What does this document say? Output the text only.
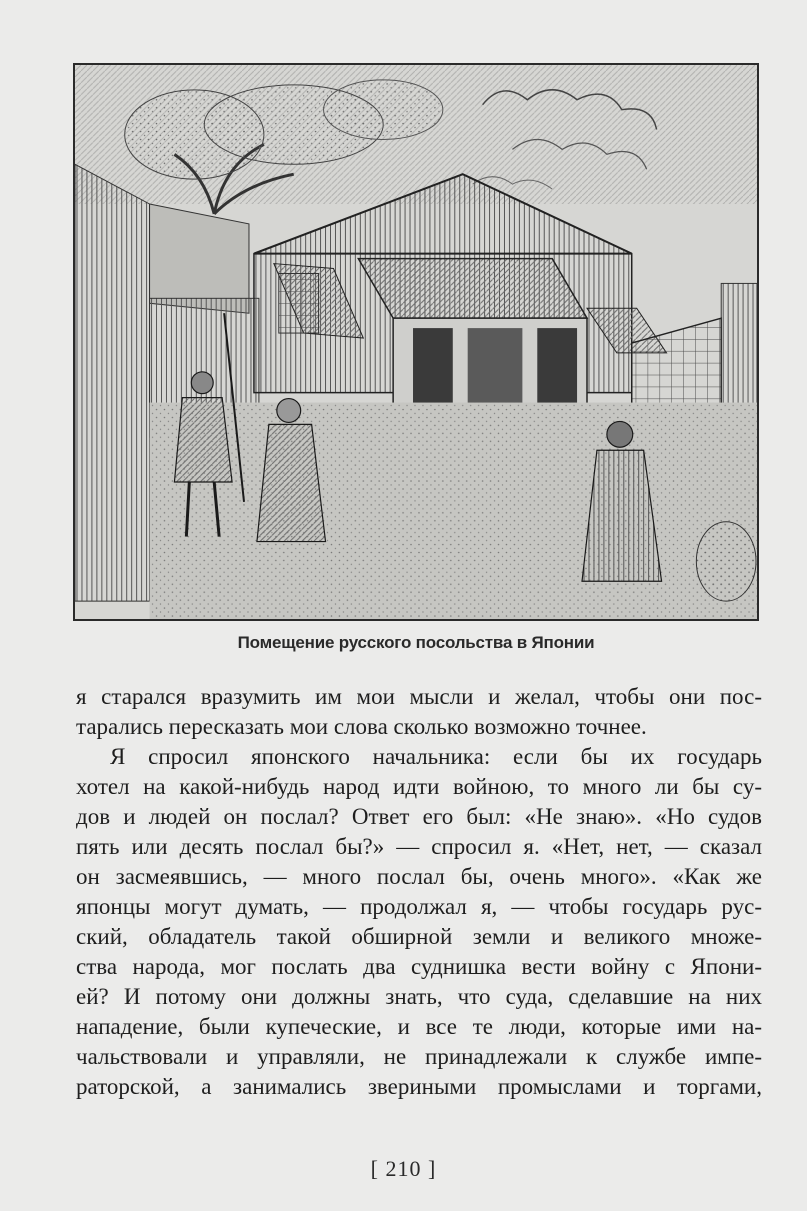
Помещение русского посольства в Японии
я старался вразумить им мои мысли и желал, чтобы они пос-
тарались пересказать мои слова сколько возможно точнее.
Я спросил японского начальника: если бы их государь
хотел на какой-нибудь народ идти войною, то много ли бы су-
дов и людей он послал? Ответ его был: «Не знаю». «Но судов
пять или десять послал бы?» — спросил я. «Нет, нет, — сказал
он засмеявшись, — много послал бы, очень много». «Как же
японцы могут думать, — продолжал я, — чтобы государь рус-
ский, обладатель такой обширной земли и великого множе-
ства народа, мог послать два суднишка вести войну с Япони-
ей? И потому они должны знать, что суда, сделавшие на них
нападение, были купеческие, и все те люди, которые ими на-
чальствовали и управляли, не принадлежали к службе импе-
раторской, а занимались звериными промыслами и торгами,
[ 210 ]
